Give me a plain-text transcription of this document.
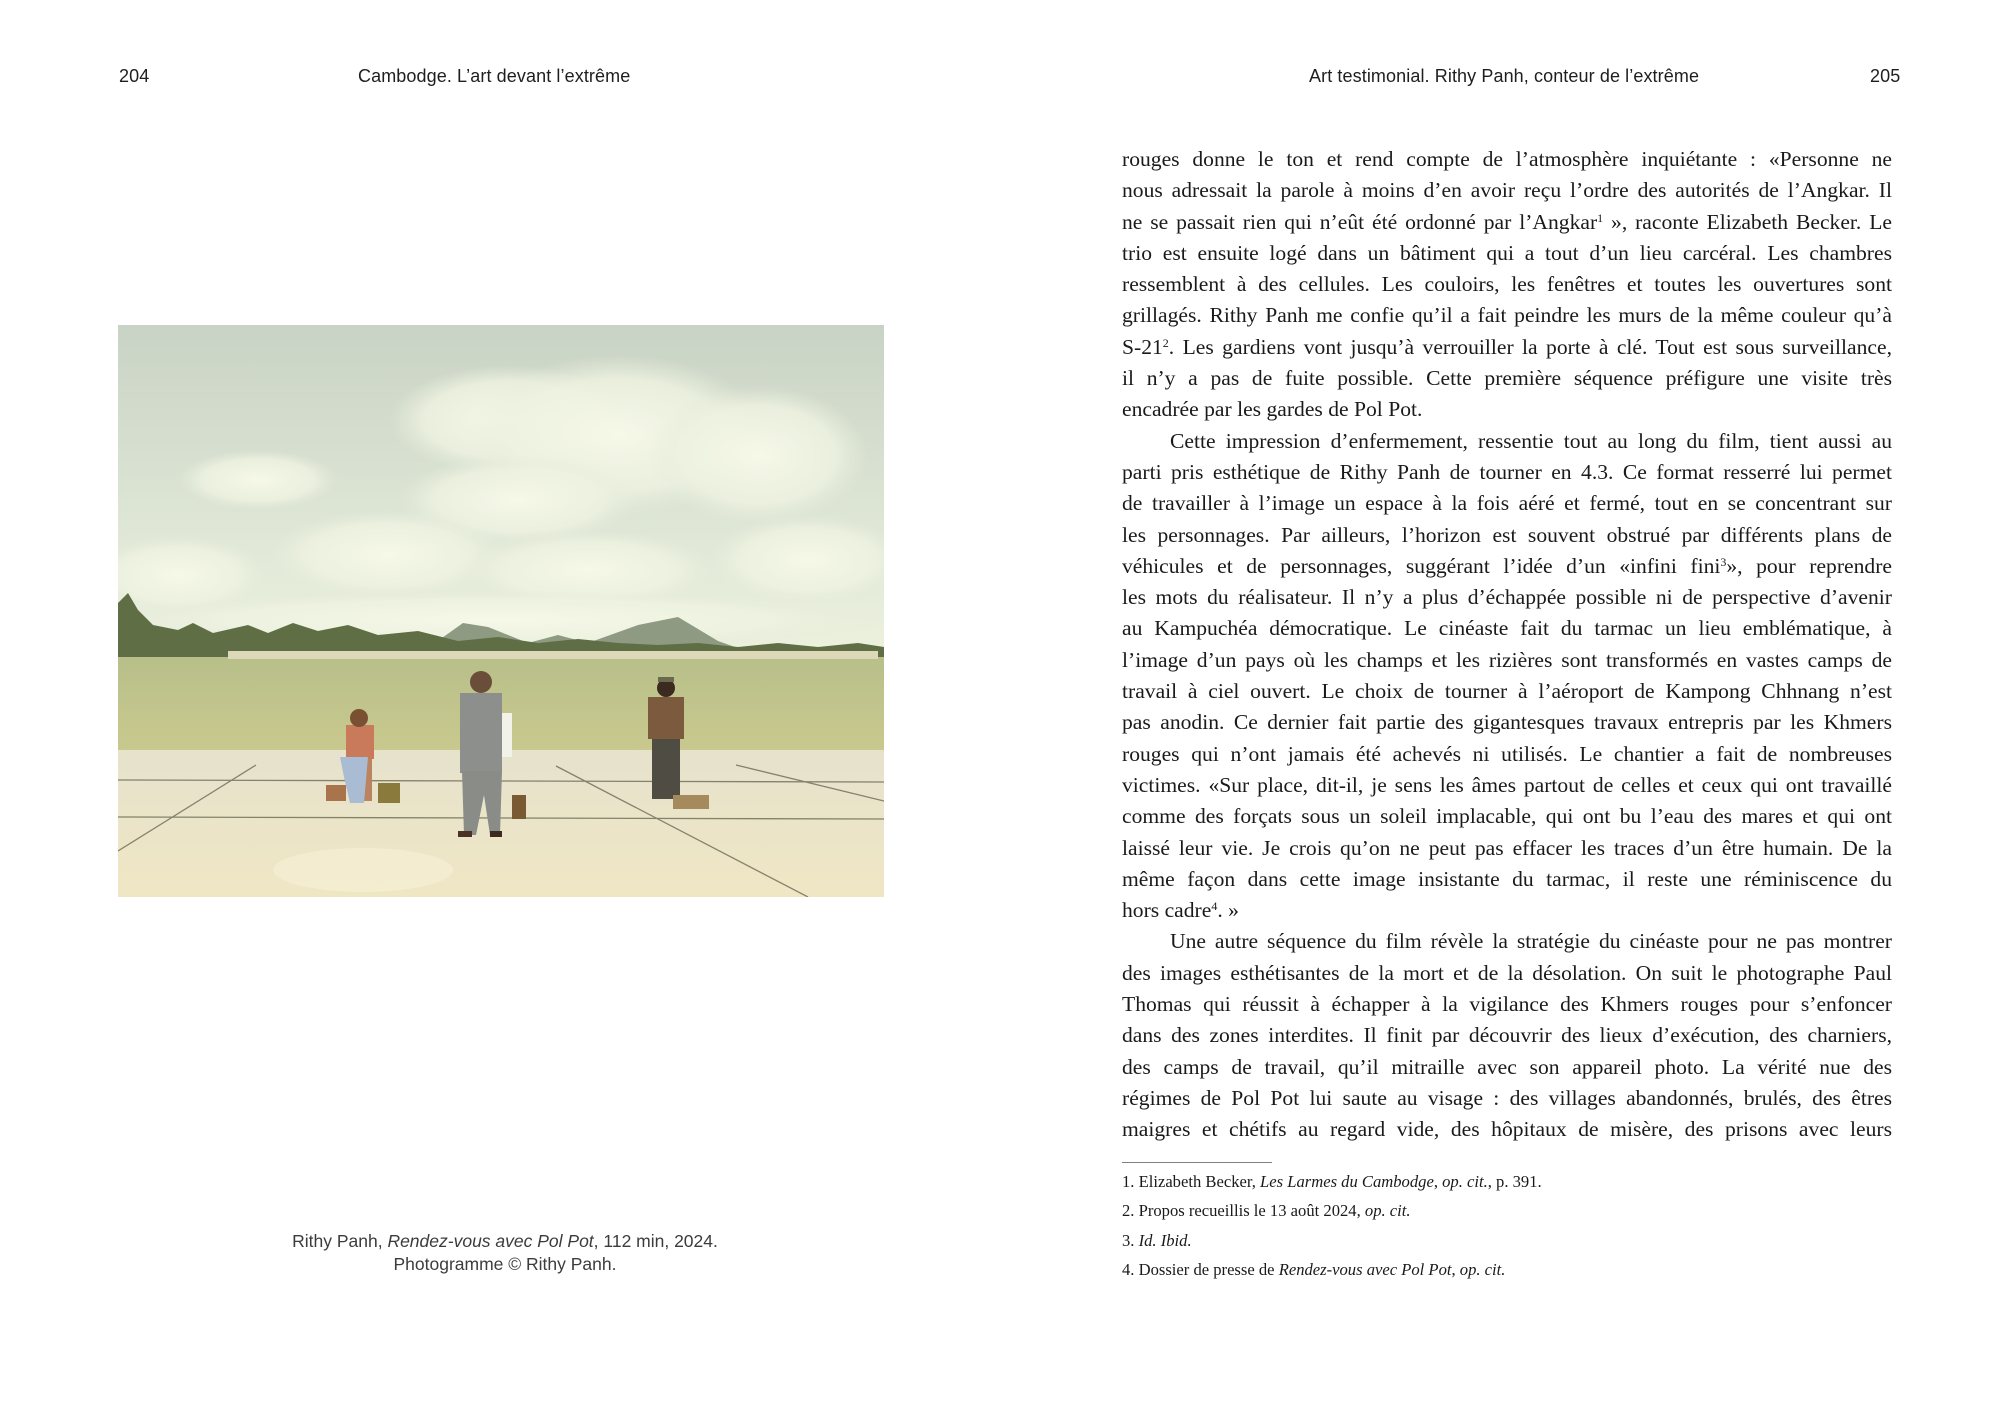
204	Cambodge. L’art devant l’extrême
Rithy Panh, Rendez-vous avec Pol Pot, 112 min, 2024.
Photogramme © Rithy Panh.
Art testimonial. Rithy Panh, conteur de l’extrême	205
rouges donne le ton et rend compte de l’atmosphère inquiétante : «Personne ne
nous adressait la parole à moins d’en avoir reçu l’ordre des autorités de l’Angkar. Il
ne se passait rien qui n’eût été ordonné par l’Angkar$^1$ », raconte Elizabeth Becker. Le
trio est ensuite logé dans un bâtiment qui a tout d’un lieu carcéral. Les chambres
ressemblent à des cellules. Les couloirs, les fenêtres et toutes les ouvertures sont
grillagés. Rithy Panh me confie qu’il a fait peindre les murs de la même couleur qu’à
$S-21^2$. Les gardiens vont jusqu’à verrouiller la porte à clé. Tout est sous surveillance,
il n’y a pas de fuite possible. Cette première séquence préfigure une visite très
encadrée par les gardes de Pol Pot.
Cette impression d’enfermement, ressentie tout au long du film, tient aussi au
parti pris esthétique de Rithy Panh de tourner en 4.3. Ce format resserré lui permet
de travailler à l’image un espace à la fois aéré et fermé, tout en se concentrant sur
les personnages. Par ailleurs, l’horizon est souvent obstrué par différents plans de
véhicules et de personnages, suggérant l’idée d’un «infini fini$^3$», pour reprendre
les mots du réalisateur. Il n’y a plus d’échappée possible ni de perspective d’avenir
au Kampuchéa démocratique. Le cinéaste fait du tarmac un lieu emblématique, à
l’image d’un pays où les champs et les rizières sont transformés en vastes camps de
travail à ciel ouvert. Le choix de tourner à l’aéroport de Kampong Chhnang n’est
pas anodin. Ce dernier fait partie des gigantesques travaux entrepris par les Khmers
rouges qui n’ont jamais été achevés ni utilisés. Le chantier a fait de nombreuses
victimes. «Sur place, dit-il, je sens les âmes partout de celles et ceux qui ont travaillé
comme des forçats sous un soleil implacable, qui ont bu l’eau des mares et qui ont
laissé leur vie. Je crois qu’on ne peut pas effacer les traces d’un être humain. De la
même façon dans cette image insistante du tarmac, il reste une réminiscence du
hors cadre$^4$. »
Une autre séquence du film révèle la stratégie du cinéaste pour ne pas montrer
des images esthétisantes de la mort et de la désolation. On suit le photographe Paul
Thomas qui réussit à échapper à la vigilance des Khmers rouges pour s’enfoncer
dans des zones interdites. Il finit par découvrir des lieux d’exécution, des charniers,
des camps de travail, qu’il mitraille avec son appareil photo. La vérité nue des
régimes de Pol Pot lui saute au visage : des villages abandonnés, brulés, des êtres
maigres et chétifs au regard vide, des hôpitaux de misère, des prisons avec leurs
1. Elizabeth Becker, Les Larmes du Cambodge, op. cit., p. 391.
2. Propos recueillis le 13 août 2024, op. cit.
3. Id. Ibid.
4. Dossier de presse de Rendez-vous avec Pol Pot, op. cit.
